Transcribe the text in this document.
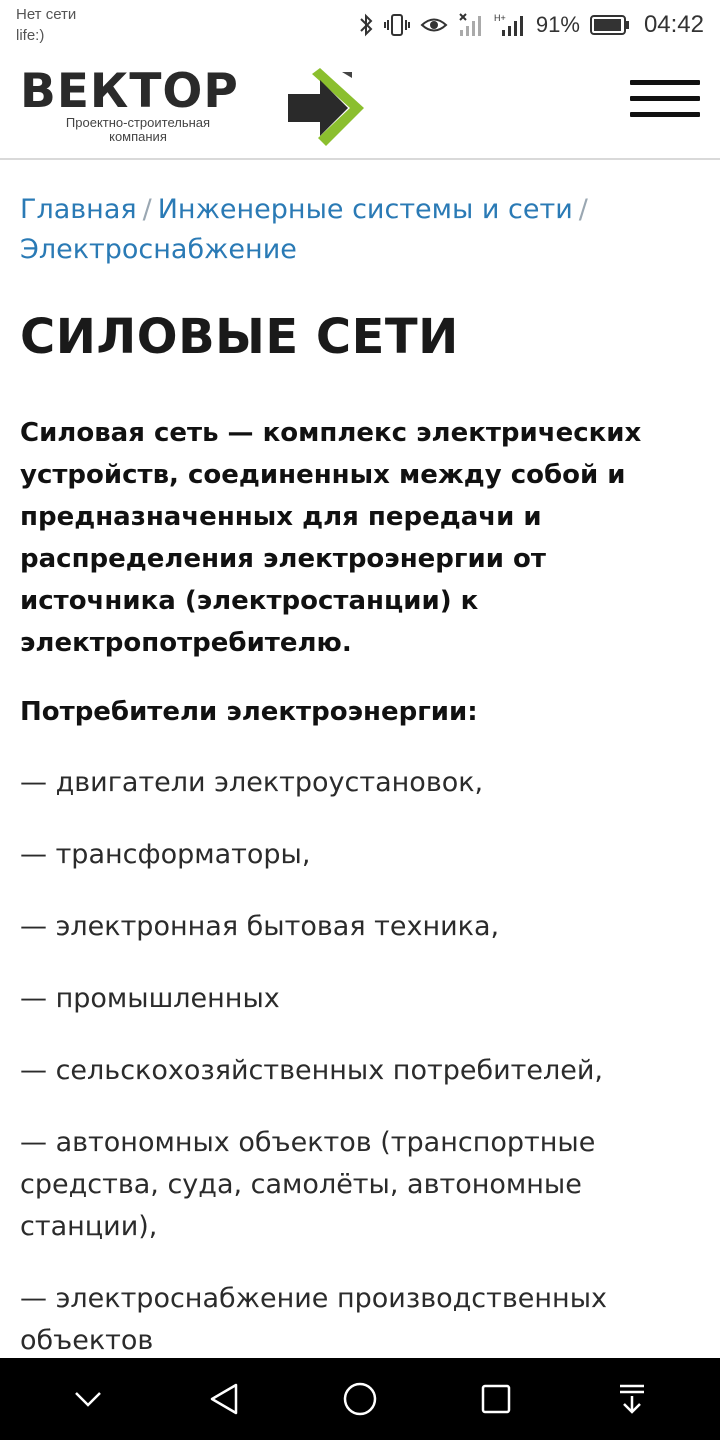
Нет сети
life:)
H+ 91%	04:42
ВЕКТОР
Проектно-строительная
компания
Главная / Инженерные системы и сети /Электроснабжение
СИЛОВЫЕ СЕТИ

Силовая сеть — комплекс электрических устройств, соединенных между собой и предназначенных для передачи и распределения электроэнергии от источника (электростанции) к электропотребителю.

Потребители электроэнергии:

— двигатели электроустановок,

— трансформаторы,

— электронная бытовая техника,

— промышленных

— сельскохозяйственных потребителей,

— автономных объектов (транспортные средства, суда, самолёты, автономные станции),

— электроснабжение производственных объектов
